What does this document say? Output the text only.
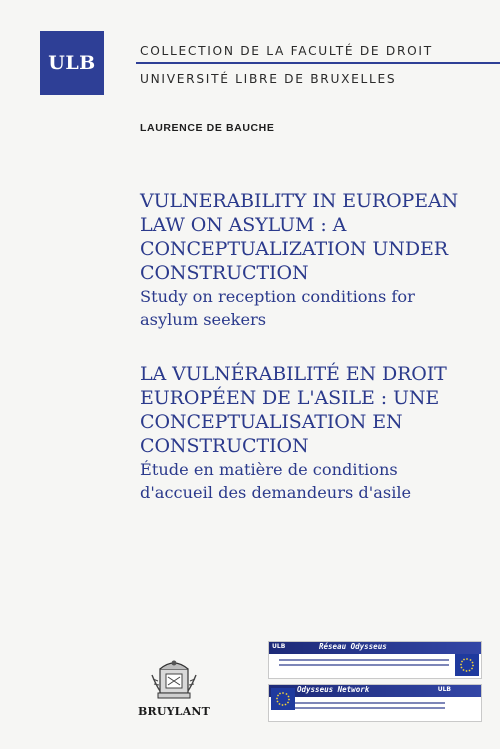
ULB
COLLECTION DE LA FACULTÉ DE DROIT
UNIVERSITÉ LIBRE DE BRUXELLES
LAURENCE DE BAUCHE
VULNERABILITY IN EUROPEAN
LAW ON ASYLUM : A
CONCEPTUALIZATION UNDER
CONSTRUCTION
Study on reception conditions for
asylum seekers
LA VULNÉRABILITÉ EN DROIT
EUROPÉEN DE L'ASILE : UNE
CONCEPTUALISATION EN
CONSTRUCTION
Étude en matière de conditions
d'accueil des demandeurs d'asile
BRUYLANT
ULB	Réseau Odysseus
ULB
Odysseus Network
